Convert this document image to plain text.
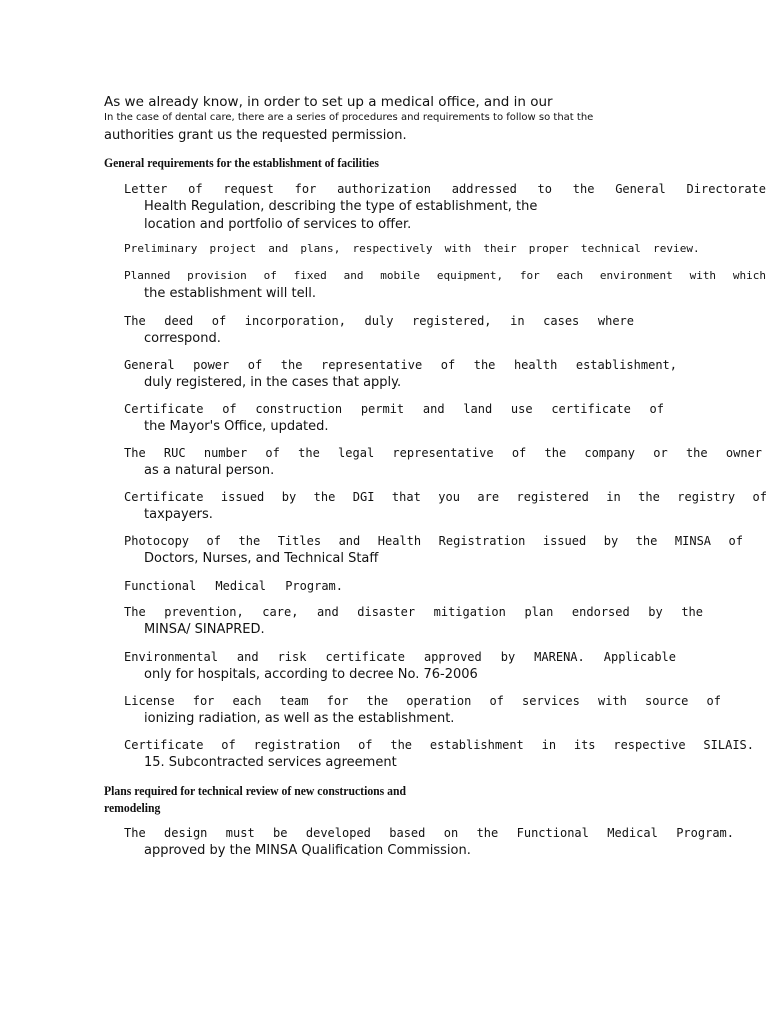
As we already know, in order to set up a medical office, and in our
In the case of dental care, there are a series of procedures and requirements to follow so that the
authorities grant us the requested permission.
General requirements for the establishment of facilities
Letter of request for authorization addressed to the General Directorate
Health Regulation, describing the type of establishment, the
location and portfolio of services to offer.
Preliminary project and plans, respectively with their proper technical review.
Planned provision of fixed and mobile equipment, for each environment with which
the establishment will tell.
The deed of incorporation, duly registered, in cases where
correspond.
General power of the representative of the health establishment,
duly registered, in the cases that apply.
Certificate of construction permit and land use certificate of
the Mayor's Office, updated.
The RUC number of the legal representative of the company or the owner
as a natural person.
Certificate issued by the DGI that you are registered in the registry of
taxpayers.
Photocopy of the Titles and Health Registration issued by the MINSA of
Doctors, Nurses, and Technical Staff
Functional Medical Program.
The prevention, care, and disaster mitigation plan endorsed by the
MINSA/ SINAPRED.
Environmental and risk certificate approved by MARENA. Applicable
only for hospitals, according to decree No. 76-2006
License for each team for the operation of services with source of
ionizing radiation, as well as the establishment.
Certificate of registration of the establishment in its respective SILAIS.
15. Subcontracted services agreement
Plans required for technical review of new constructions and
remodeling
The design must be developed based on the Functional Medical Program.
approved by the MINSA Qualification Commission.
